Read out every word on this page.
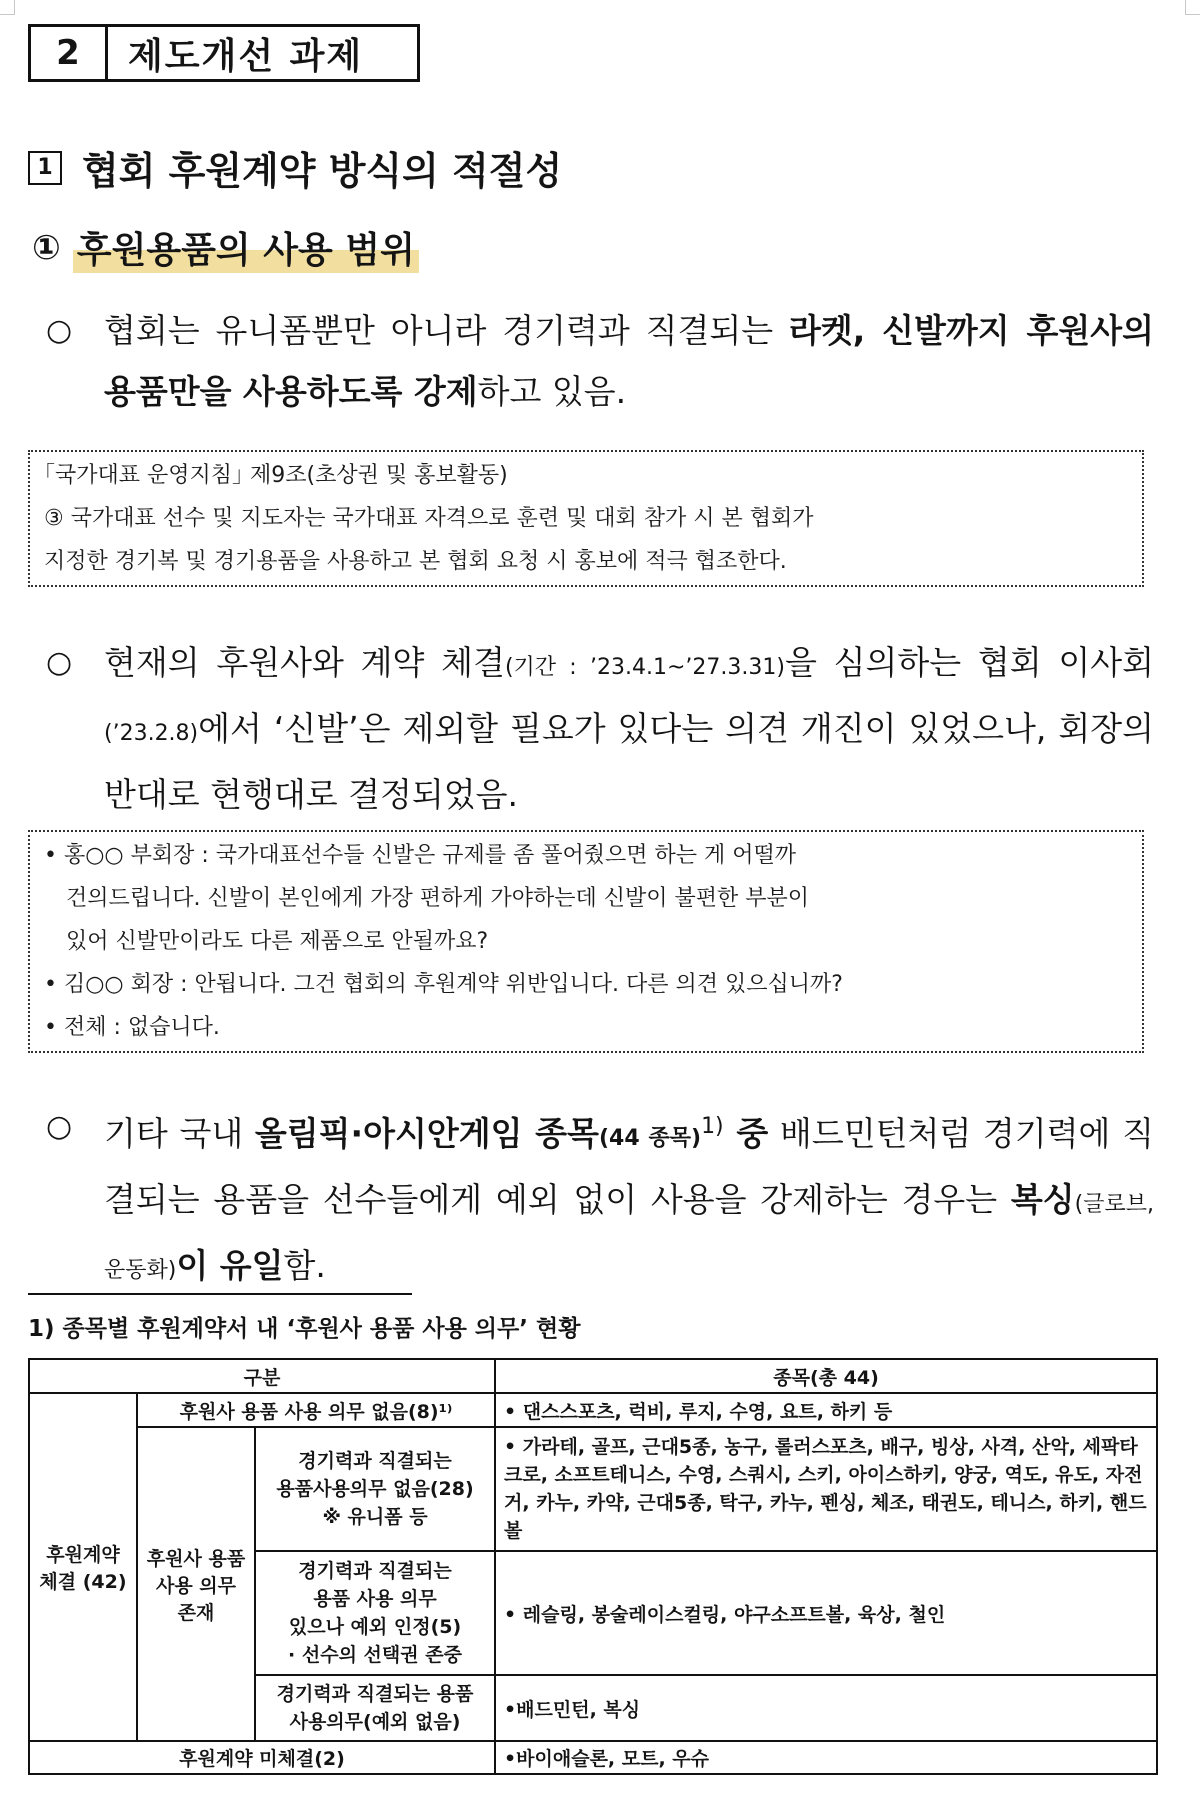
2	제도개선 과제
1 협회 후원계약 방식의 적절성
① 후원용품의 사용 범위
○ 협회는 유니폼뿐만 아니라 경기력과 직결되는 라켓, 신발까지 후원사의 용품만을 사용하도록 강제하고 있음.
｢국가대표 운영지침｣ 제9조(초상권 및 홍보활동)
③ 국가대표 선수 및 지도자는 국가대표 자격으로 훈련 및 대회 참가 시 본 협회가
지정한 경기복 및 경기용품을 사용하고 본 협회 요청 시 홍보에 적극 협조한다.
○ 현재의 후원사와 계약 체결(기간 : ’23.4.1~’27.3.31)을 심의하는 협회 이사회(’23.2.8)에서 ‘신발’은 제외할 필요가 있다는 의견 개진이 있었으나, 회장의 반대로 현행대로 결정되었음.
• 홍○○ 부회장 : 국가대표선수들 신발은 규제를 좀 풀어줬으면 하는 게 어떨까
건의드립니다. 신발이 본인에게 가장 편하게 가야하는데 신발이 불편한 부분이
있어 신발만이라도 다른 제품으로 안될까요?
• 김○○ 회장 : 안됩니다. 그건 협회의 후원계약 위반입니다. 다른 의견 있으십니까?
• 전체 : 없습니다.
○ 기타 국내 올림픽·아시안게임 종목(44 종목)$^{1)}$ 중 배드민턴처럼 경기력에 직결되는 용품을 선수들에게 예외 없이 사용을 강제하는 경우는 복싱(글로브, 운동화)이 유일함.
1) 종목별 후원계약서 내 ‘후원사 용품 사용 의무’ 현황
구분			종목(총 44)
후원계약 체결 (42)	후원사 용품 사용 의무 없음(8)¹⁾		• 댄스스포츠, 럭비, 루지, 수영, 요트, 하키 등
	후원사 용품사용 의무 존재	경기력과 직결되는
용품사용의무 없음(28)
※ 유니폼 등	• 가라테, 골프, 근대5종, 농구, 롤러스포츠, 배구, 빙상, 사격, 산악, 세팍타크로, 소프트테니스, 수영, 스쿼시, 스키, 아이스하키, 양궁, 역도, 유도, 자전거, 카누, 카약, 근대5종, 탁구, 카누, 펜싱, 체조, 태권도, 테니스, 하키, 핸드볼

		경기력과 직결되는
용품 사용 의무
있으나 예외 인정(5)
· 선수의 선택권 존중	• 레슬링, 봉술레이스컬링, 야구소프트볼, 육상, 철인

		경기력과 직결되는 용품
사용의무(예외 없음)	•배드민턴, 복싱
후원계약 미체결(2)			•바이애슬론, 모트, 우슈
